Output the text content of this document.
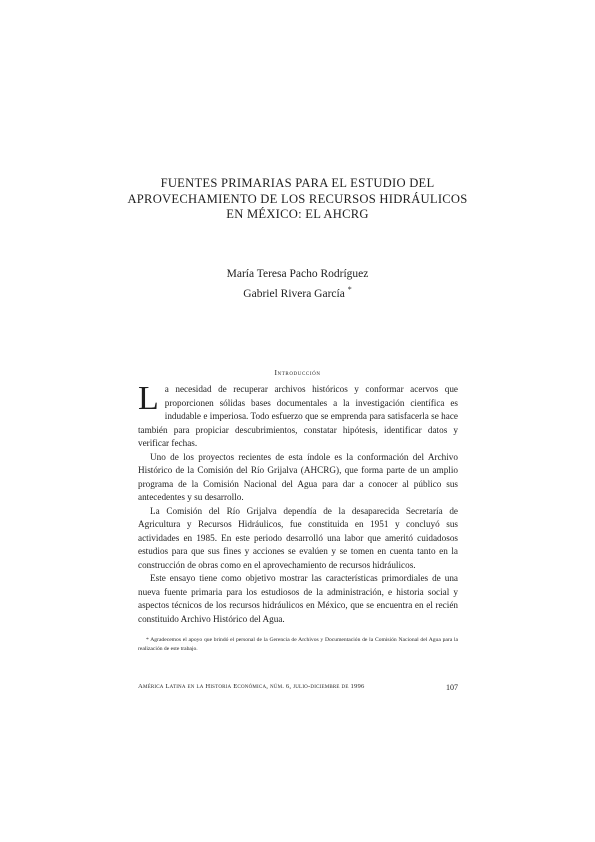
FUENTES PRIMARIAS PARA EL ESTUDIO DEL
APROVECHAMIENTO DE LOS RECURSOS HIDRÁULICOS
EN MÉXICO: EL AHCRG
María Teresa Pacho Rodríguez
Gabriel Rivera García *
Introducción

La necesidad de recuperar archivos históricos y conformar acervos que proporcionen sólidas bases documentales a la investigación científica es indudable e imperiosa. Todo esfuerzo que se emprenda para satisfacerla se hace también para propiciar descubrimientos, constatar hipótesis, identificar datos y verificar fechas.

Uno de los proyectos recientes de esta índole es la conformación del Archivo Histórico de la Comisión del Río Grijalva (AHCRG), que forma parte de un amplio programa de la Comisión Nacional del Agua para dar a conocer al público sus antecedentes y su desarrollo.

La Comisión del Río Grijalva dependía de la desaparecida Secretaría de Agricultura y Recursos Hidráulicos, fue constituida en 1951 y concluyó sus actividades en 1985. En este periodo desarrolló una labor que ameritó cuidadosos estudios para que sus fines y acciones se evalúen y se tomen en cuenta tanto en la construcción de obras como en el aprovechamiento de recursos hidráulicos.

Este ensayo tiene como objetivo mostrar las características primordiales de una nueva fuente primaria para los estudiosos de la administración, e historia social y aspectos técnicos de los recursos hidráulicos en México, que se encuentra en el recién constituido Archivo Histórico del Agua.

* Agradecemos el apoyo que brindó el personal de la Gerencia de Archivos y Documentación de la Comisión Nacional del Agua para la realización de este trabajo.

América Latina en la Historia Económica, núm. 6, julio-diciembre de 1996	107
